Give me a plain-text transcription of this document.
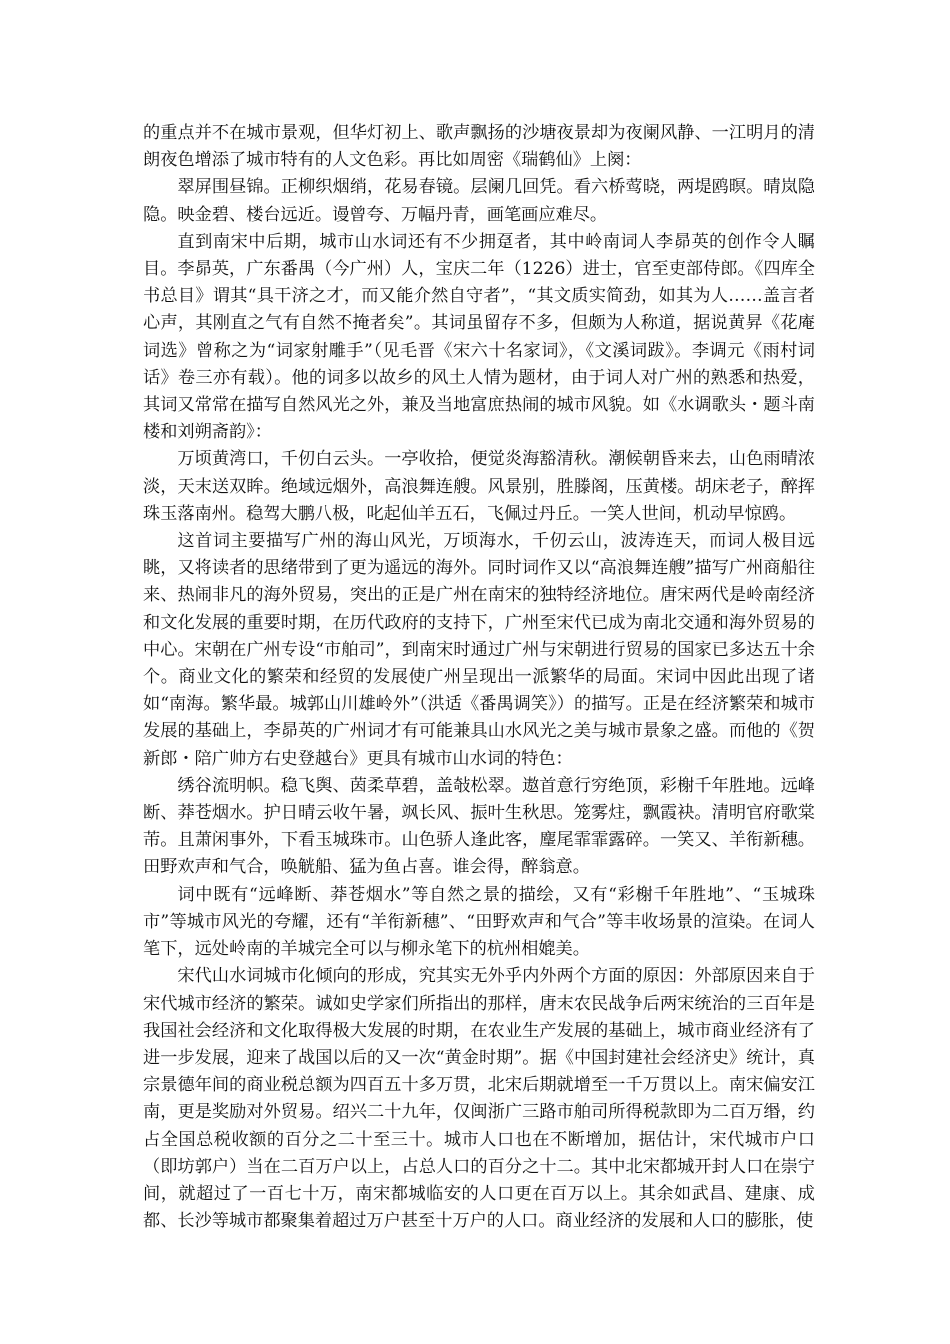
的重点并不在城市景观，但华灯初上、歌声飘扬的沙塘夜景却为夜阑风静、一江明月的清朗夜色增添了城市特有的人文色彩。再比如周密《瑞鹤仙》上阕：

翠屏围昼锦。正柳织烟绡，花易春镜。层阑几回凭。看六桥莺晓，两堤鸥暝。晴岚隐隐。映金碧、楼台远近。谩曾夸、万幅丹青，画笔画应难尽。

直到南宋中后期，城市山水词还有不少拥趸者，其中岭南词人李昴英的创作令人瞩目。李昴英，广东番禺（今广州）人，宝庆二年（1226）进士，官至吏部侍郎。《四库全书总目》谓其“具干济之才，而又能介然自守者”，“其文质实简劲，如其为人……盖言者心声，其刚直之气有自然不掩者矣”。其词虽留存不多，但颇为人称道，据说黄昇《花庵词选》曾称之为“词家射雕手”（见毛晋《宋六十名家词》，《文溪词跋》。李调元《雨村词话》卷三亦有载）。他的词多以故乡的风土人情为题材，由于词人对广州的熟悉和热爱，其词又常常在描写自然风光之外，兼及当地富庶热闹的城市风貌。如《水调歌头・题斗南楼和刘朔斋韵》：

万顷黄湾口，千仞白云头。一亭收拾，便觉炎海豁清秋。潮候朝昏来去，山色雨晴浓淡，天末送双眸。绝域远烟外，高浪舞连艘。风景别，胜滕阁，压黄楼。胡床老子，醉挥珠玉落南州。稳驾大鹏八极，叱起仙羊五石，飞佩过丹丘。一笑人世间，机动早惊鸥。

这首词主要描写广州的海山风光，万顷海水，千仞云山，波涛连天，而词人极目远眺，又将读者的思绪带到了更为遥远的海外。同时词作又以“高浪舞连艘”描写广州商船往来、热闹非凡的海外贸易，突出的正是广州在南宋的独特经济地位。唐宋两代是岭南经济和文化发展的重要时期，在历代政府的支持下，广州至宋代已成为南北交通和海外贸易的中心。宋朝在广州专设“市舶司”，到南宋时通过广州与宋朝进行贸易的国家已多达五十余个。商业文化的繁荣和经贸的发展使广州呈现出一派繁华的局面。宋词中因此出现了诸如“南海。繁华最。城郭山川雄岭外”（洪适《番禺调笑》）的描写。正是在经济繁荣和城市发展的基础上，李昴英的广州词才有可能兼具山水风光之美与城市景象之盛。而他的《贺新郎・陪广帅方右史登越台》更具有城市山水词的特色：

绣谷流明帜。稳飞舆、茵柔草碧，盖敧松翠。遨首意行穷绝顶，彩榭千年胜地。远峰断、莽苍烟水。护日晴云收午暑，飒长风、振叶生秋思。笼雾炷，飘霞袂。清明官府歌棠芾。且萧闲事外，下看玉城珠市。山色骄人逢此客，麈尾霏霏露碎。一笑又、羊衔新穗。田野欢声和气合，唤觥船、猛为鱼占喜。谁会得，醉翁意。

词中既有“远峰断、莽苍烟水”等自然之景的描绘，又有“彩榭千年胜地”、“玉城珠市”等城市风光的夸耀，还有“羊衔新穗”、“田野欢声和气合”等丰收场景的渲染。在词人笔下，远处岭南的羊城完全可以与柳永笔下的杭州相媲美。

宋代山水词城市化倾向的形成，究其实无外乎内外两个方面的原因：外部原因来自于宋代城市经济的繁荣。诚如史学家们所指出的那样，唐末农民战争后两宋统治的三百年是我国社会经济和文化取得极大发展的时期，在农业生产发展的基础上，城市商业经济有了进一步发展，迎来了战国以后的又一次“黄金时期”。据《中国封建社会经济史》统计，真宗景德年间的商业税总额为四百五十多万贯，北宋后期就增至一千万贯以上。南宋偏安江南，更是奖励对外贸易。绍兴二十九年，仅闽浙广三路市舶司所得税款即为二百万缗，约占全国总税收额的百分之二十至三十。城市人口也在不断增加，据估计，宋代城市户口（即坊郭户）当在二百万户以上，占总人口的百分之十二。其中北宋都城开封人口在崇宁间，就超过了一百七十万，南宋都城临安的人口更在百万以上。其余如武昌、建康、成都、长沙等城市都聚集着超过万户甚至十万户的人口。商业经济的发展和人口的膨胀，使
